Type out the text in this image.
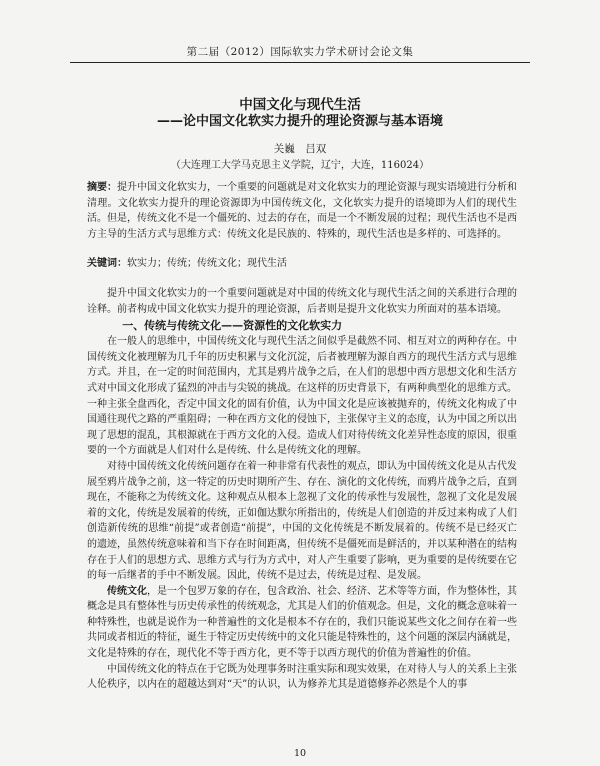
第二届（2012）国际软实力学术研讨会论文集
中国文化与现代生活
——论中国文化软实力提升的理论资源与基本语境
关巍　吕双
（大连理工大学马克思主义学院，辽宁，大连，116024）
摘要：提升中国文化软实力，一个重要的问题就是对文化软实力的理论资源与现实语境进行分析和清理。文化软实力提升的理论资源即为中国传统文化，文化软实力提升的语境即为人们的现代生活。但是，传统文化不是一个僵死的、过去的存在，而是一个不断发展的过程；现代生活也不是西方主导的生活方式与思维方式：传统文化是民族的、特殊的，现代生活也是多样的、可选择的。
关键词：软实力；传统；传统文化；现代生活

提升中国文化软实力的一个重要问题就是对中国的传统文化与现代生活之间的关系进行合理的诠释。前者构成中国文化软实力提升的理论资源，后者则是提升文化软实力所面对的基本语境。

一、传统与传统文化——资源性的文化软实力

在一般人的思维中，中国传统文化与现代生活之间似乎是截然不同、相互对立的两种存在。中国传统文化被理解为几千年的历史积累与文化沉淀，后者被理解为源自西方的现代生活方式与思维方式。并且，在一定的时间范围内，尤其是鸦片战争之后，在人们的思想中西方思想文化和生活方式对中国文化形成了猛烈的冲击与尖锐的挑战。在这样的历史背景下，有两种典型化的思维方式。一种主张全盘西化，否定中国文化的固有价值，认为中国文化是应该被抛弃的，传统文化构成了中国通往现代之路的严重阻碍；一种在西方文化的侵蚀下，主张保守主义的态度，认为中国之所以出现了思想的混乱，其根源就在于西方文化的入侵。造成人们对待传统文化差异性态度的原因，很重要的一个方面就是人们对什么是传统、什么是传统文化的理解。

对待中国传统文化传统问题存在着一种非常有代表性的观点，即认为中国传统文化是从古代发展至鸦片战争之前，这一特定的历史时期所产生、存在、演化的文化传统，而鸦片战争之后，直到现在，不能称之为传统文化。这种观点从根本上忽视了文化的传承性与发展性，忽视了文化是发展着的文化，传统是发展着的传统，正如伽达默尔所指出的，传统是人们创造的并反过来构成了人们创造新传统的思维“前提”或者创造“前提”，中国的文化传统是不断发展着的。传统不是已经灭亡的遗迹，虽然传统意味着和当下存在时间距离，但传统不是僵死而是鲜活的，并以某种潜在的结构存在于人们的思想方式、思维方式与行为方式中，对人产生重要了影响，更为重要的是传统要在它的每一后继者的手中不断发展。因此，传统不是过去，传统是过程、是发展。

传统文化，是一个包罗万象的存在，包含政治、社会、经济、艺术等等方面，作为整体性，其概念是具有整体性与历史传承性的传统观念，尤其是人们的价值观念。但是，文化的概念意味着一种特殊性，也就是说作为一种普遍性的文化是根本不存在的，我们只能说某些文化之间存在着一些共同或者相近的特征，诞生于特定历史传统中的文化只能是特殊性的，这个问题的深层内涵就是，文化是特殊的存在，现代化不等于西方化，更不等于以西方现代的价值为普遍性的价值。

中国传统文化的特点在于它既为处理事务时注重实际和现实效果，在对待人与人的关系上主张人伦秩序，以内在的超越达到对“天”的认识，认为修养尤其是道德修养必然是个人的事

10
